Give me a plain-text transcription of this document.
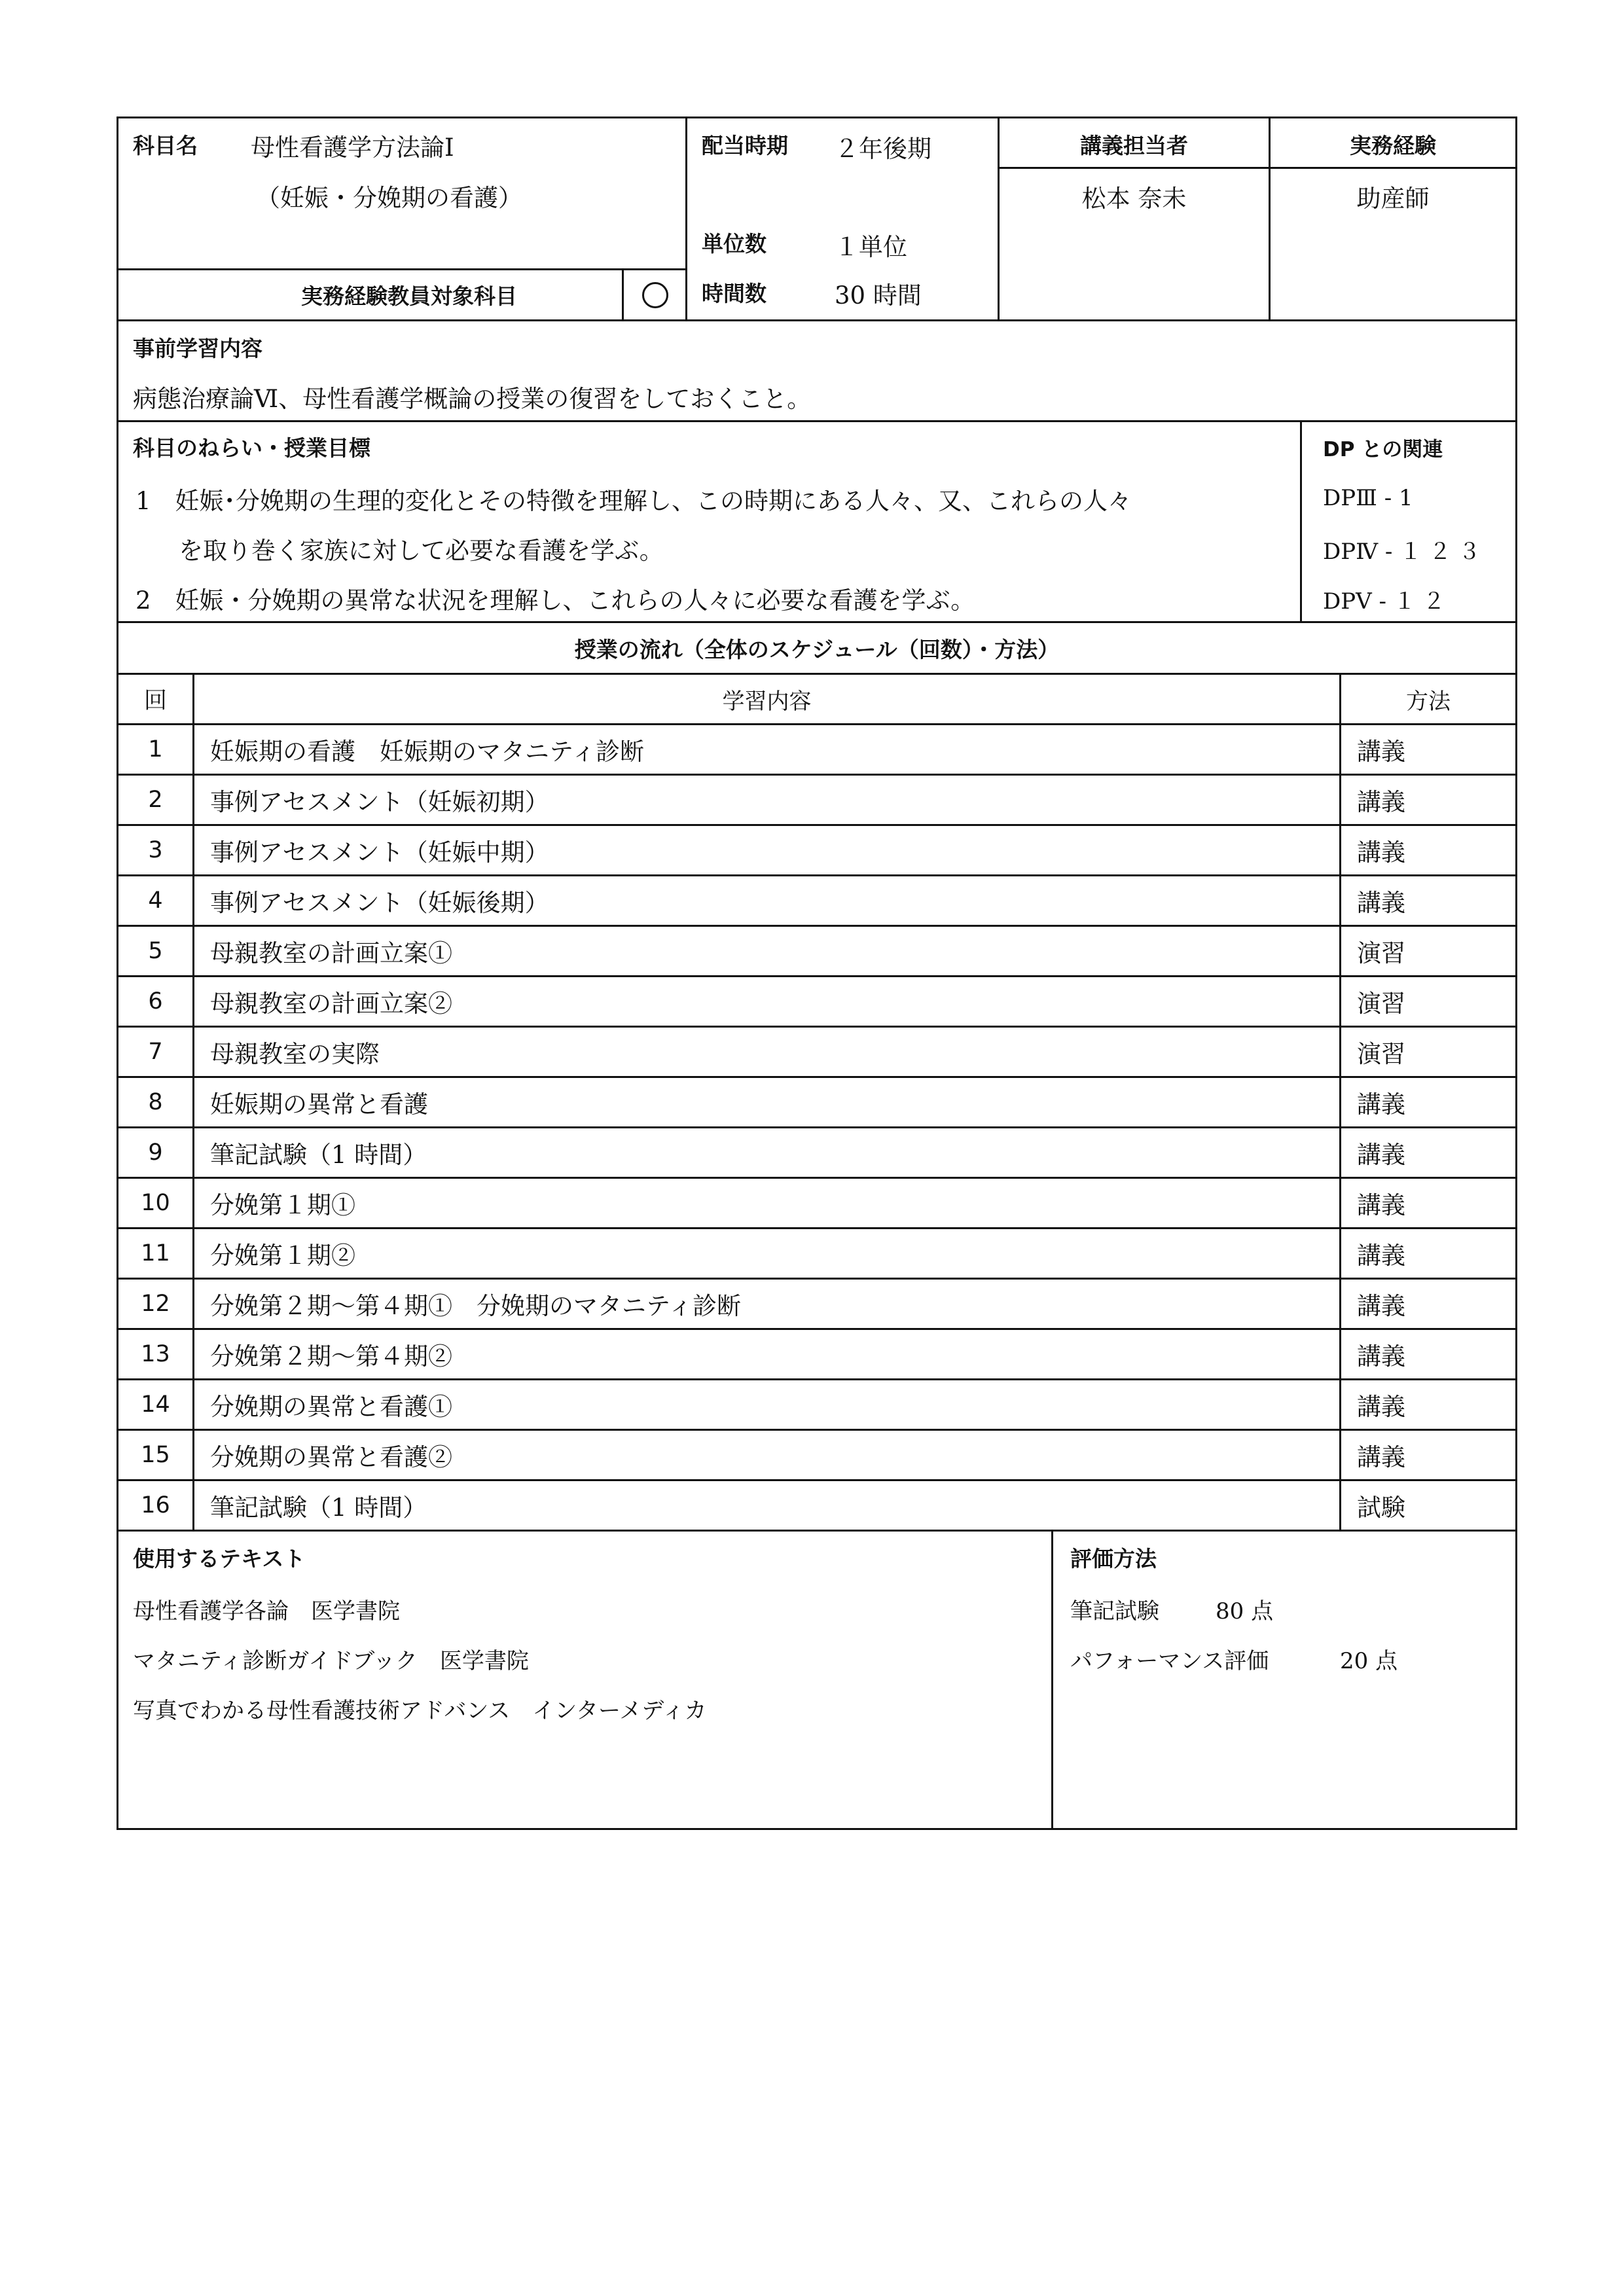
科目名 母性看護学方法論Ⅰ
（妊娠・分娩期の看護）
実務経験教員対象科目
配当時期 ２年後期
単位数	１単位
時間数	30 時間
講義担当者
松本 奈未
実務経験
助産師
事前学習内容
病態治療論Ⅵ、母性看護学概論の授業の復習をしておくこと。
科目のねらい・授業目標
1　妊娠･分娩期の生理的変化とその特徴を理解し、この時期にある人々、又、これらの人々
を取り巻く家族に対して必要な看護を学ぶ。
2　妊娠・分娩期の異常な状況を理解し、これらの人々に必要な看護を学ぶ。
DP との関連
DPⅢ - 1
DPⅣ - １ ２ ３
DPⅤ - １ ２
授業の流れ（全体のスケジュール（回数）・方法）
回	学習内容	方法
1	妊娠期の看護　妊娠期のマタニティ診断	講義
2	事例アセスメント（妊娠初期）	講義
3	事例アセスメント（妊娠中期）	講義
4	事例アセスメント（妊娠後期）	講義
5	母親教室の計画立案①	演習
6	母親教室の計画立案②	演習
7	母親教室の実際	演習
8	妊娠期の異常と看護	講義
9	筆記試験（1 時間）	講義
10	分娩第１期①	講義
11	分娩第１期②	講義
12	分娩第２期～第４期①　分娩期のマタニティ診断	講義
13	分娩第２期～第４期②	講義
14	分娩期の異常と看護①	講義
15	分娩期の異常と看護②	講義
16	筆記試験（1 時間）	試験
使用するテキスト
母性看護学各論　医学書院
マタニティ診断ガイドブック　医学書院
写真でわかる母性看護技術アドバンス　インターメディカ
評価方法
筆記試験	80 点
パフォーマンス評価	20 点
